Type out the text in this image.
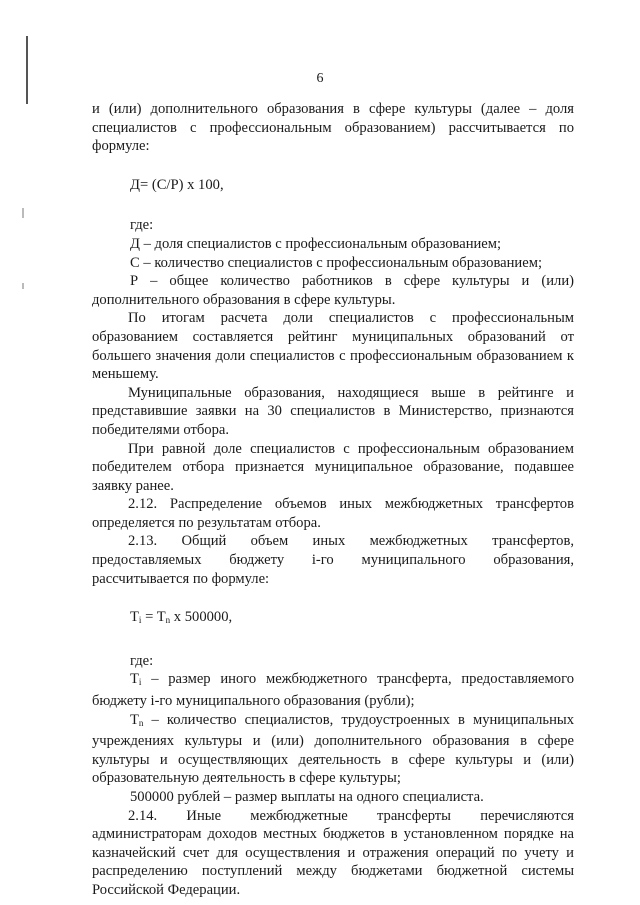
6

и (или) дополнительного образования в сфере культуры (далее – доля специалистов с профессиональным образованием) рассчитывается по формуле:

Д= (С/Р) х 100,

где:

Д – доля специалистов с профессиональным образованием;

С – количество специалистов с профессиональным образованием;

Р – общее количество работников в сфере культуры и (или) дополнительного образования в сфере культуры.

По итогам расчета доли специалистов с профессиональным образованием составляется рейтинг муниципальных образований от большего значения доли специалистов с профессиональным образованием к меньшему.

Муниципальные образования, находящиеся выше в рейтинге и представившие заявки на 30 специалистов в Министерство, признаются победителями отбора.

При равной доле специалистов с профессиональным образованием победителем отбора признается муниципальное образование, подавшее заявку ранее.

2.12. Распределение объемов иных межбюджетных трансфертов определяется по результатам отбора.

2.13. Общий объем иных межбюджетных трансфертов, предоставляемых бюджету i-го муниципального образования, рассчитывается по формуле:

$T_i = T_n$ х 500000,

где:

$T_i$ – размер иного межбюджетного трансферта, предоставляемого бюджету i-го муниципального образования (рубли);

$T_n$ – количество специалистов, трудоустроенных в муниципальных учреждениях культуры и (или) дополнительного образования в сфере культуры и осуществляющих деятельность в сфере культуры и (или) образовательную деятельность в сфере культуры;

500000 рублей – размер выплаты на одного специалиста.

2.14. Иные межбюджетные трансферты перечисляются администраторам доходов местных бюджетов в установленном порядке на казначейский счет для осуществления и отражения операций по учету и распределению поступлений между бюджетами бюджетной системы Российской Федерации.
